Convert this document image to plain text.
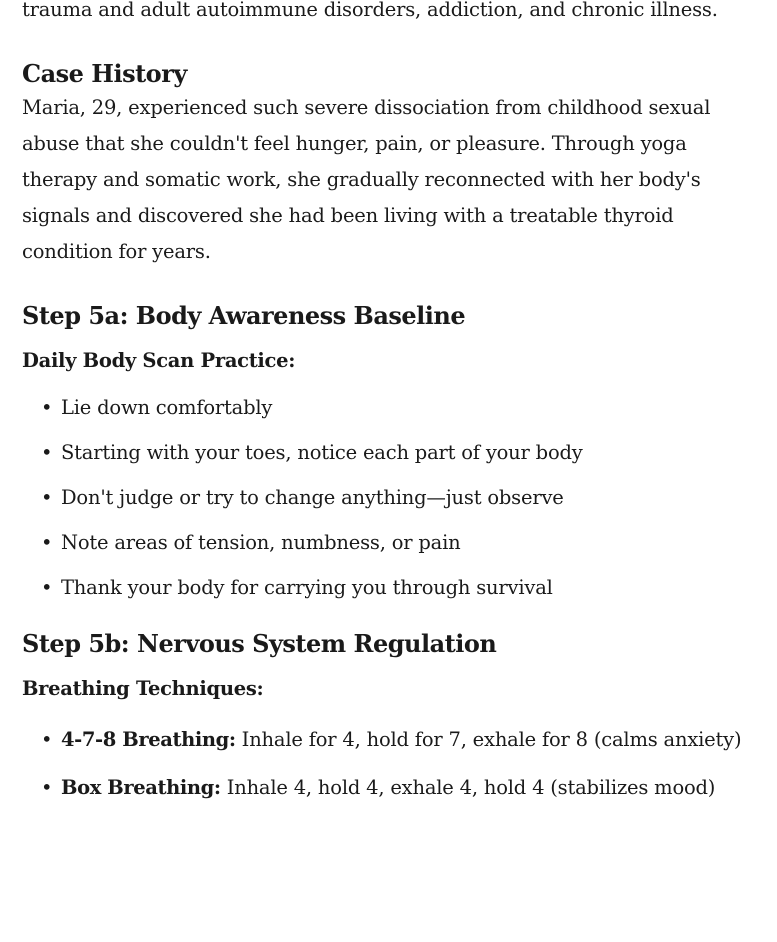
trauma and adult autoimmune disorders, addiction, and chronic illness.

Case History

Maria, 29, experienced such severe dissociation from childhood sexual abuse that she couldn't feel hunger, pain, or pleasure. Through yoga therapy and somatic work, she gradually reconnected with her body's signals and discovered she had been living with a treatable thyroid condition for years.

Step 5a: Body Awareness Baseline
Daily Body Scan Practice:
• Lie down comfortably
• Starting with your toes, notice each part of your body
• Don't judge or try to change anything—just observe
• Note areas of tension, numbness, or pain
• Thank your body for carrying you through survival
Step 5b: Nervous System Regulation
Breathing Techniques:
• 4-7-8 Breathing: Inhale for 4, hold for 7, exhale for 8 (calms anxiety)
• Box Breathing: Inhale 4, hold 4, exhale 4, hold 4 (stabilizes mood)
